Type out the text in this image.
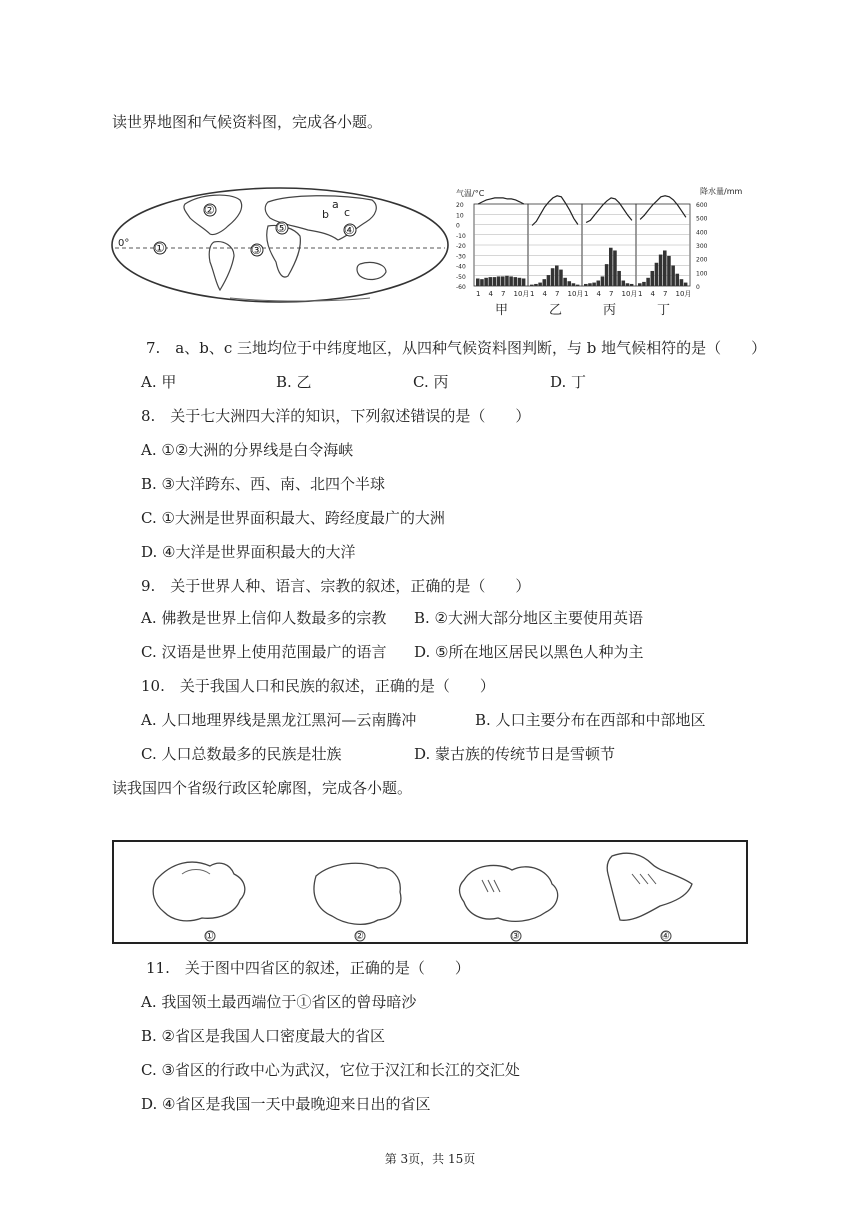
读世界地图和气候资料图，完成各小题。
0° ①
②
③
④
⑤
b c
a
气温/°C	降水量/mm
20
10
0
-10
-20
-30
-40
-50
-60
600
500
400
300
200
100
0
1 4 7 10月
甲
1 4 7 10月
乙
1 4 7 10月
丙
1 4 7 10月
丁
7.　a、b、c 三地均位于中纬度地区，从四种气候资料图判断，与 b 地气候相符的是（　　）
A. 甲	B. 乙	C. 丙	D. 丁
8.　关于七大洲四大洋的知识，下列叙述错误的是（　　）
A. ①②大洲的分界线是白令海峡
B. ③大洋跨东、西、南、北四个半球
C. ①大洲是世界面积最大、跨经度最广的大洲
D. ④大洋是世界面积最大的大洋
9.　关于世界人种、语言、宗教的叙述，正确的是（　　）
A. 佛教是世界上信仰人数最多的宗教 B. ②大洲大部分地区主要使用英语
C. 汉语是世界上使用范围最广的语言 D. ⑤所在地区居民以黑色人种为主
10.　关于我国人口和民族的叙述，正确的是（　　）
A. 人口地理界线是黑龙江黑河—云南腾冲	B. 人口主要分布在西部和中部地区
C. 人口总数最多的民族是壮族	D. 蒙古族的传统节日是雪顿节
读我国四个省级行政区轮廓图，完成各小题。
①	②	③	④
11.　关于图中四省区的叙述，正确的是（　　）
A. 我国领土最西端位于①省区的曾母暗沙
B. ②省区是我国人口密度最大的省区
C. ③省区的行政中心为武汉，它位于汉江和长江的交汇处
D. ④省区是我国一天中最晚迎来日出的省区
第 3页，共 15页
